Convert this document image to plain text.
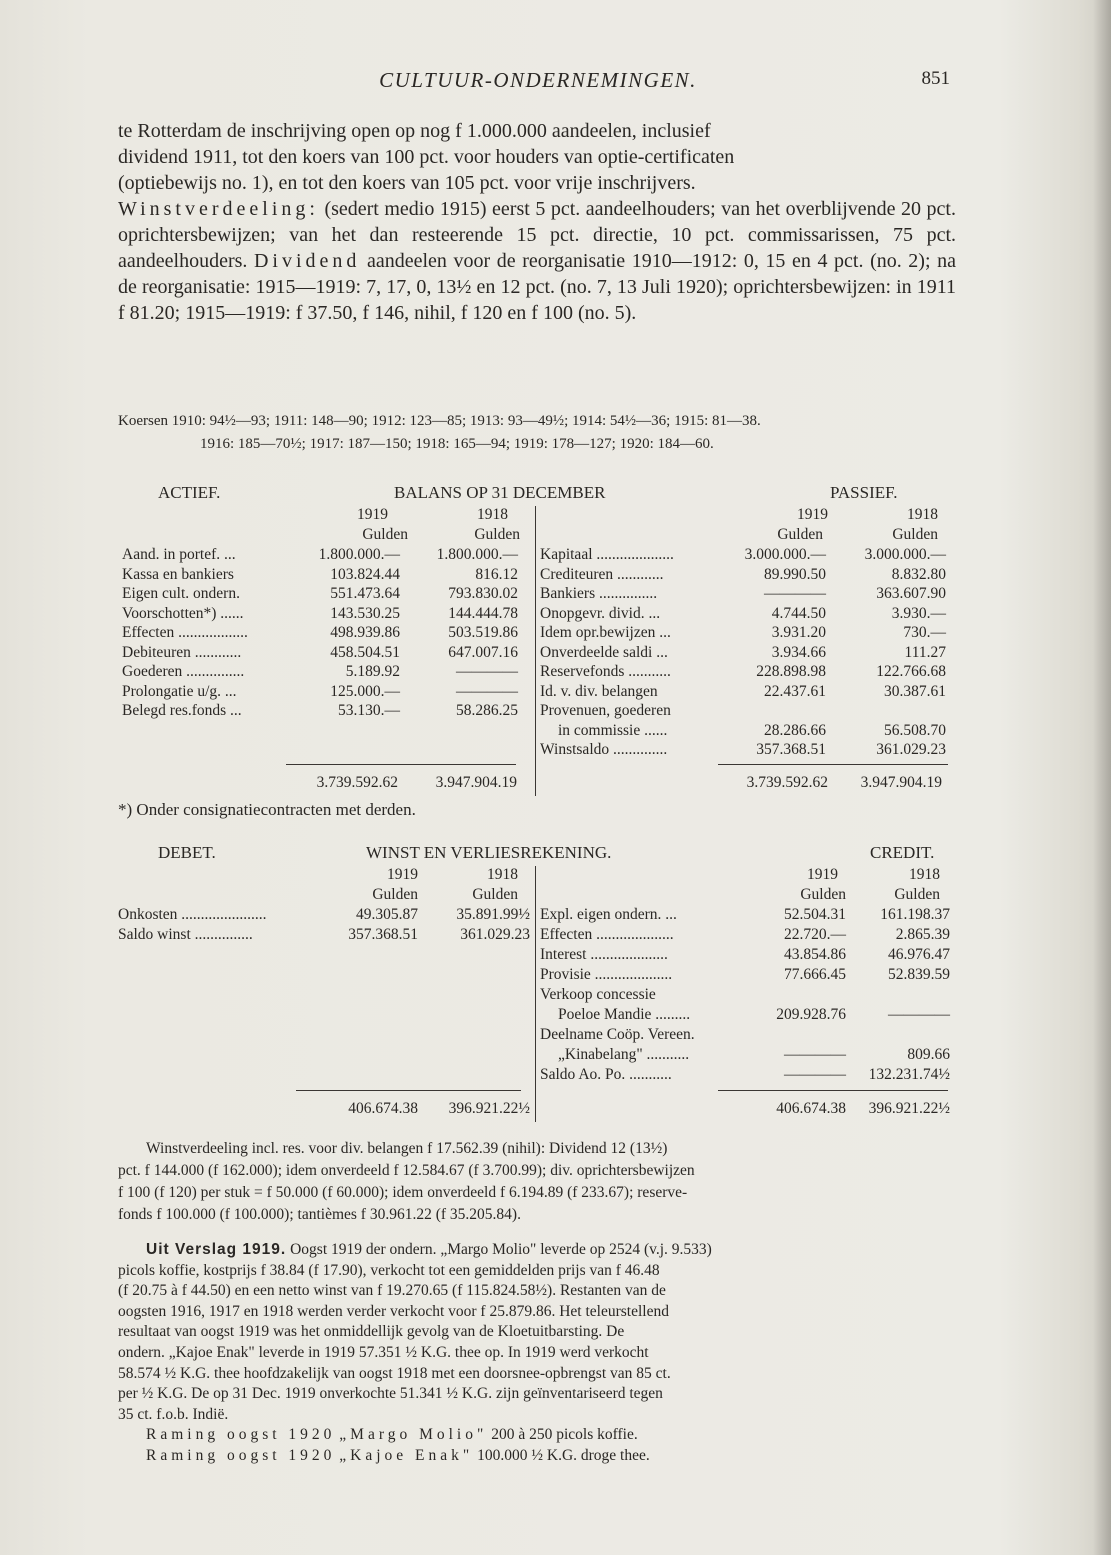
CULTUUR-ONDERNEMINGEN.	851
te Rotterdam de inschrijving open op nog f 1.000.000 aandeelen, inclusief
dividend 1911, tot den koers van 100 pct. voor houders van optie-certificaten
(optiebewijs no. 1), en tot den koers van 105 pct. voor vrije inschrijvers.
Winstverdeeling: (sedert medio 1915) eerst 5 pct. aandeelhouders; van het overblijvende 20 pct. oprichtersbewijzen; van het dan resteerende 15 pct. directie, 10 pct. commissarissen, 75 pct. aandeelhouders. Dividend aandeelen voor de reorganisatie 1910—1912: 0, 15 en 4 pct. (no. 2); na de reorganisatie: 1915—1919: 7, 17, 0, 13½ en 12 pct. (no. 7, 13 Juli 1920); oprichtersbewijzen: in 1911 f 81.20; 1915—1919: f 37.50, f 146, nihil, f 120 en f 100 (no. 5).
Koersen 1910: 94½—93; 1911: 148—90; 1912: 123—85; 1913: 93—49½; 1914: 54½—36; 1915: 81—38.
1916: 185—70½; 1917: 187—150; 1918: 165—94; 1919: 178—127; 1920: 184—60.
ACTIEF.	BALANS OP 31 DECEMBER	PASSIEF.
1919	1918	1919	1918
Gulden	Gulden	Gulden	Gulden
Aand. in portef. ...	1.800.000.—	1.800.000.—
Kassa en bankiers	103.824.44	816.12
Eigen cult. ondern.	551.473.64	793.830.02
Voorschotten*) ......	143.530.25	144.444.78
Effecten ..................	498.939.86	503.519.86
Debiteuren ............	458.504.51	647.007.16
Goederen ...............	5.189.92	————
Prolongatie u/g. ...	125.000.—	————
Belegd res.fonds ...	53.130.—	58.286.25
Kapitaal ....................	3.000.000.—	3.000.000.—
Crediteuren ............	89.990.50	8.832.80
Bankiers ...............	————	363.607.90
Onopgevr. divid. ...	4.744.50	3.930.—
Idem opr.bewijzen ...	3.931.20	730.—
Onverdeelde saldi ...	3.934.66	111.27
Reservefonds ...........	228.898.98	122.766.68
Id. v. div. belangen	22.437.61	30.387.61
Provenuen, goederen
in commissie ......	28.286.66	56.508.70
Winstsaldo ..............	357.368.51	361.029.23
3.739.592.62	3.947.904.19	3.739.592.62	3.947.904.19
*) Onder consignatiecontracten met derden.
DEBET.	WINST EN VERLIESREKENING.	CREDIT.
1919	1918	1919	1918
Gulden	Gulden	Gulden	Gulden
Onkosten ......................	49.305.87	35.891.99½
Saldo winst ...............	357.368.51	361.029.23
Expl. eigen ondern. ...	52.504.31	161.198.37
Effecten ....................	22.720.—	2.865.39
Interest ....................	43.854.86	46.976.47
Provisie ....................	77.666.45	52.839.59
Verkoop concessie
Poeloe Mandie .........	209.928.76	————
Deelname Coöp. Vereen.
„Kinabelang" ...........	————	809.66
Saldo Ao. Po. ...........	————	132.231.74½
406.674.38	396.921.22½	406.674.38	396.921.22½
Winstverdeeling incl. res. voor div. belangen f 17.562.39 (nihil): Dividend 12 (13½)
pct. f 144.000 (f 162.000); idem onverdeeld f 12.584.67 (f 3.700.99); div. oprichtersbewijzen
f 100 (f 120) per stuk = f 50.000 (f 60.000); idem onverdeeld f 6.194.89 (f 233.67); reserve-
fonds f 100.000 (f 100.000); tantièmes f 30.961.22 (f 35.205.84).
Uit Verslag 1919. Oogst 1919 der ondern. „Margo Molio" leverde op 2524 (v.j. 9.533)
picols koffie, kostprijs f 38.84 (f 17.90), verkocht tot een gemiddelden prijs van f 46.48
(f 20.75 à f 44.50) en een netto winst van f 19.270.65 (f 115.824.58½). Restanten van de
oogsten 1916, 1917 en 1918 werden verder verkocht voor f 25.879.86. Het teleurstellend
resultaat van oogst 1919 was het onmiddellijk gevolg van de Kloetuitbarsting. De
ondern. „Kajoe Enak" leverde in 1919 57.351 ½ K.G. thee op. In 1919 werd verkocht
58.574 ½ K.G. thee hoofdzakelijk van oogst 1918 met een doorsnee-opbrengst van 85 ct.
per ½ K.G. De op 31 Dec. 1919 onverkochte 51.341 ½ K.G. zijn geïnventariseerd tegen
35 ct. f.o.b. Indië.
Raming oogst 1920 „Margo Molio" 200 à 250 picols koffie.
Raming oogst 1920 „Kajoe Enak" 100.000 ½ K.G. droge thee.
